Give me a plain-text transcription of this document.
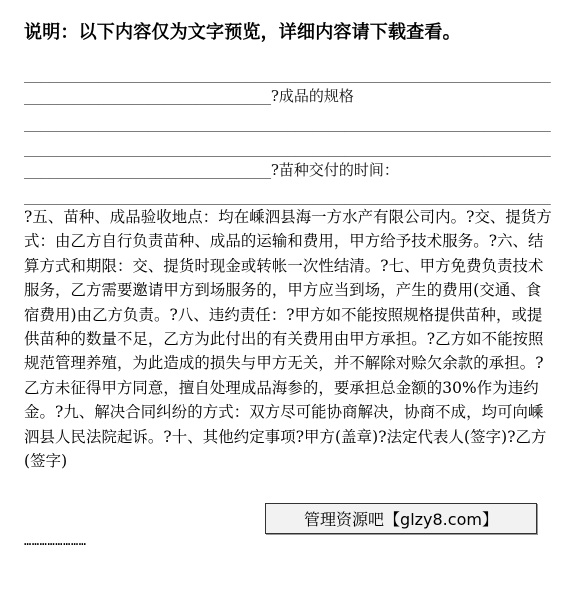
说明：以下内容仅为文字预览，详细内容请下载查看。
________________________________________________________________
______________________________?成品的规格
________________________________________________________________
________________________________________________________________
______________________________?苗种交付的时间：
________________________________________________________________
?五、苗种、成品验收地点：均在嵊泗县海一方水产有限公司内。?交、提货方式：由乙方自行负责苗种、成品的运输和费用，甲方给予技术服务。?六、结算方式和期限：交、提货时现金或转帐一次性结清。?七、甲方免费负责技术服务，乙方需要邀请甲方到场服务的，甲方应当到场，产生的费用(交通、食宿费用)由乙方负责。?八、违约责任：?甲方如不能按照规格提供苗种，或提供苗种的数量不足，乙方为此付出的有关费用由甲方承担。?乙方如不能按照规范管理养殖，为此造成的损失与甲方无关，并不解除对赊欠余款的承担。?乙方未征得甲方同意，擅自处理成品海参的，要承担总金额的30%作为违约金。?九、解决合同纠纷的方式：双方尽可能协商解决，协商不成，均可向嵊泗县人民法院起诉。?十、其他约定事项?甲方(盖章)?法定代表人(签字)?乙方(签字)
管理资源吧【glzy8.com】
……………………
